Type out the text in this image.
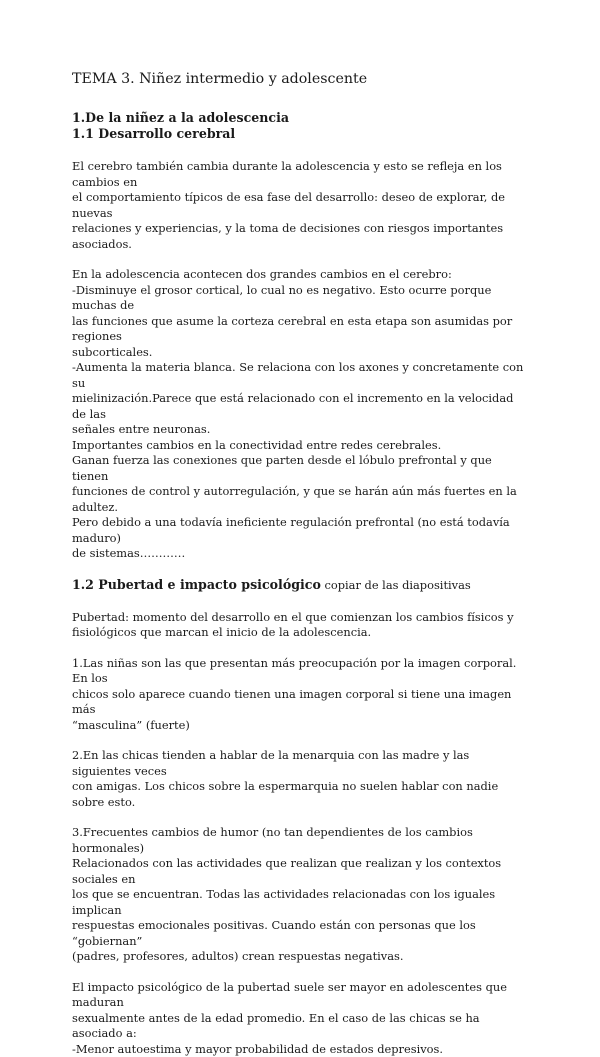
TEMA 3. Niñez intermedio y adolescente
1.De la niñez a la adolescencia
1.1 Desarrollo cerebral

El cerebro también cambia durante la adolescencia y esto se refleja en los cambios en
el comportamiento típicos de esa fase del desarrollo: deseo de explorar, de nuevas
relaciones y experiencias, y la toma de decisiones con riesgos importantes asociados.

En la adolescencia acontecen dos grandes cambios en el cerebro:
-Disminuye el grosor cortical, lo cual no es negativo. Esto ocurre porque muchas de
las funciones que asume la corteza cerebral en esta etapa son asumidas por regiones
subcorticales.
-Aumenta la materia blanca. Se relaciona con los axones y concretamente con su
mielinización.Parece que está relacionado con el incremento en la velocidad de las
señales entre neuronas.
Importantes cambios en la conectividad entre redes cerebrales.
Ganan fuerza las conexiones que parten desde el lóbulo prefrontal y que tienen
funciones de control y autorregulación, y que se harán aún más fuertes en la adultez.
Pero debido a una todavía ineficiente regulación prefrontal (no está todavía maduro)
de sistemas…………

1.2 Pubertad e impacto psicológico copiar de las diapositivas

Pubertad: momento del desarrollo en el que comienzan los cambios físicos y
fisiológicos que marcan el inicio de la adolescencia.

1.Las niñas son las que presentan más preocupación por la imagen corporal. En los
chicos solo aparece cuando tienen una imagen corporal si tiene una imagen más
“masculina” (fuerte)

2.En las chicas tienden a hablar de la menarquia con las madre y las siguientes veces
con amigas. Los chicos sobre la espermarquia no suelen hablar con nadie sobre esto.

3.Frecuentes cambios de humor (no tan dependientes de los cambios hormonales)
Relacionados con las actividades que realizan que realizan y los contextos sociales en
los que se encuentran. Todas las actividades relacionadas con los iguales implican
respuestas emocionales positivas. Cuando están con personas que los “gobiernan”
(padres, profesores, adultos) crean respuestas negativas.

El impacto psicológico de la pubertad suele ser mayor en adolescentes que maduran
sexualmente antes de la edad promedio. En el caso de las chicas se ha asociado a:
-Menor autoestima y mayor probabilidad de estados depresivos.
